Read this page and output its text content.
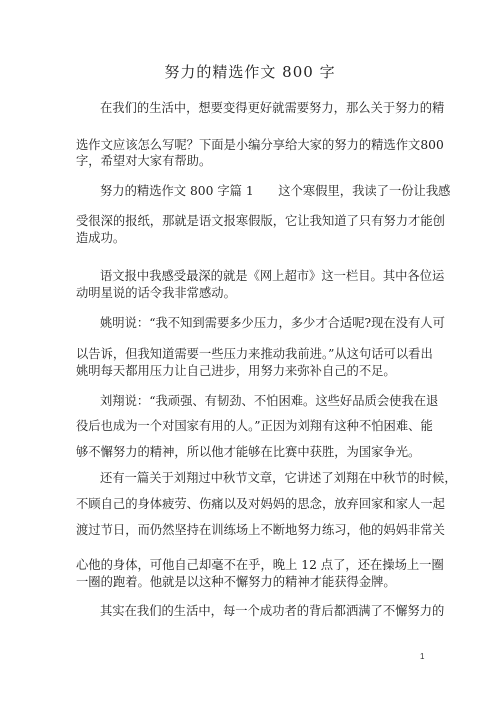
努力的精选作文 800 字
在我们的生活中，想要变得更好就需要努力，那么关于努力的精
选作文应该怎么写呢？下面是小编分享给大家的努力的精选作文800
字，希望对大家有帮助。
努力的精选作文 800 字篇 1　　这个寒假里，我读了一份让我感
受很深的报纸，那就是语文报寒假版，它让我知道了只有努力才能创
造成功。
语文报中我感受最深的就是《网上超市》这一栏目。其中各位运
动明星说的话令我非常感动。
姚明说：“我不知到需要多少压力，多少才合适呢?现在没有人可
以告诉，但我知道需要一些压力来推动我前进。”从这句话可以看出
姚明每天都用压力让自己进步，用努力来弥补自己的不足。
刘翔说：“我顽强、有韧劲、不怕困难。这些好品质会使我在退
役后也成为一个对国家有用的人。”正因为刘翔有这种不怕困难、能
够不懈努力的精神，所以他才能够在比赛中获胜，为国家争光。
还有一篇关于刘翔过中秋节文章，它讲述了刘翔在中秋节的时候，
不顾自己的身体疲劳、伤痛以及对妈妈的思念，放弃回家和家人一起
渡过节日，而仍然坚持在训练场上不断地努力练习，他的妈妈非常关
心他的身体，可他自己却毫不在乎，晚上 12 点了，还在操场上一圈
一圈的跑着。他就是以这种不懈努力的精神才能获得金牌。
其实在我们的生活中，每一个成功者的背后都洒满了不懈努力的
1
